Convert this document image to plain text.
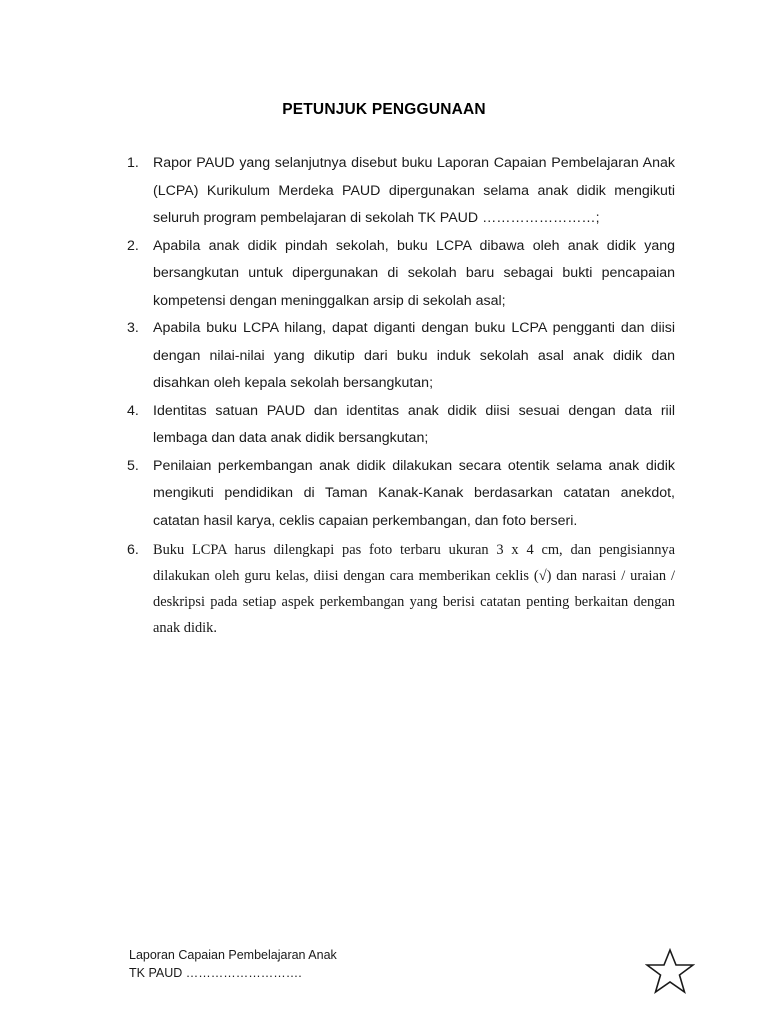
PETUNJUK PENGGUNAAN
1. Rapor PAUD yang selanjutnya disebut buku Laporan Capaian Pembelajaran Anak (LCPA) Kurikulum Merdeka PAUD dipergunakan selama anak didik mengikuti seluruh program pembelajaran di sekolah TK PAUD ……………………;
2. Apabila anak didik pindah sekolah, buku LCPA dibawa oleh anak didik yang bersangkutan untuk dipergunakan di sekolah baru sebagai bukti pencapaian kompetensi dengan meninggalkan arsip di sekolah asal;
3. Apabila buku LCPA hilang, dapat diganti dengan buku LCPA pengganti dan diisi dengan nilai-nilai yang dikutip dari buku induk sekolah asal anak didik dan disahkan oleh kepala sekolah bersangkutan;
4. Identitas satuan PAUD dan identitas anak didik diisi sesuai dengan data riil lembaga dan data anak didik bersangkutan;
5. Penilaian perkembangan anak didik dilakukan secara otentik selama anak didik mengikuti pendidikan di Taman Kanak-Kanak berdasarkan catatan anekdot, catatan hasil karya, ceklis capaian perkembangan, dan foto berseri.
6. Buku LCPA harus dilengkapi pas foto terbaru ukuran 3 x 4 cm, dan pengisiannya dilakukan oleh guru kelas, diisi dengan cara memberikan ceklis (√) dan narasi / uraian / deskripsi pada setiap aspek perkembangan yang berisi catatan penting berkaitan dengan anak didik.
Laporan Capaian Pembelajaran Anak
TK PAUD ……………………….
